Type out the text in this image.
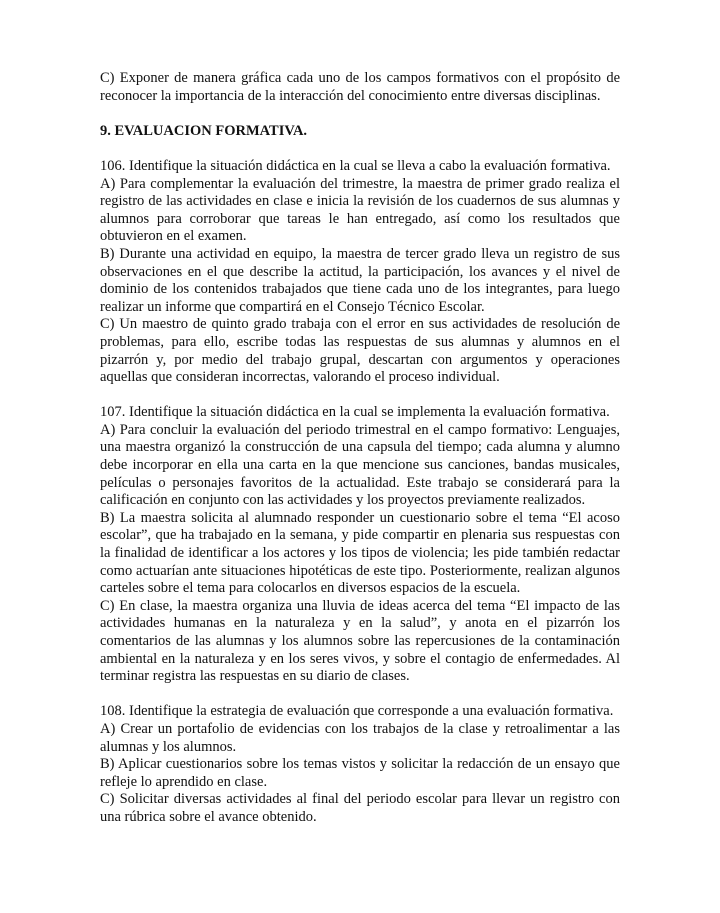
C) Exponer de manera gráfica cada uno de los campos formativos con el propósito de reconocer la importancia de la interacción del conocimiento entre diversas disciplinas.

9. EVALUACION FORMATIVA.

106. Identifique la situación didáctica en la cual se lleva a cabo la evaluación formativa.

A) Para complementar la evaluación del trimestre, la maestra de primer grado realiza el registro de las actividades en clase e inicia la revisión de los cuadernos de sus alumnas y alumnos para corroborar que tareas le han entregado, así como los resultados que obtuvieron en el examen.

B) Durante una actividad en equipo, la maestra de tercer grado lleva un registro de sus observaciones en el que describe la actitud, la participación, los avances y el nivel de dominio de los contenidos trabajados que tiene cada uno de los integrantes, para luego realizar un informe que compartirá en el Consejo Técnico Escolar.

C) Un maestro de quinto grado trabaja con el error en sus actividades de resolución de problemas, para ello, escribe todas las respuestas de sus alumnas y alumnos en el pizarrón y, por medio del trabajo grupal, descartan con argumentos y operaciones aquellas que consideran incorrectas, valorando el proceso individual.

107. Identifique la situación didáctica en la cual se implementa la evaluación formativa.

A) Para concluir la evaluación del periodo trimestral en el campo formativo: Lenguajes, una maestra organizó la construcción de una capsula del tiempo; cada alumna y alumno debe incorporar en ella una carta en la que mencione sus canciones, bandas musicales, películas o personajes favoritos de la actualidad. Este trabajo se considerará para la calificación en conjunto con las actividades y los proyectos previamente realizados.

B) La maestra solicita al alumnado responder un cuestionario sobre el tema “El acoso escolar”, que ha trabajado en la semana, y pide compartir en plenaria sus respuestas con la finalidad de identificar a los actores y los tipos de violencia; les pide también redactar como actuarían ante situaciones hipotéticas de este tipo. Posteriormente, realizan algunos carteles sobre el tema para colocarlos en diversos espacios de la escuela.

C) En clase, la maestra organiza una lluvia de ideas acerca del tema “El impacto de las actividades humanas en la naturaleza y en la salud”, y anota en el pizarrón los comentarios de las alumnas y los alumnos sobre las repercusiones de la contaminación ambiental en la naturaleza y en los seres vivos, y sobre el contagio de enfermedades. Al terminar registra las respuestas en su diario de clases.

108. Identifique la estrategia de evaluación que corresponde a una evaluación formativa.

A) Crear un portafolio de evidencias con los trabajos de la clase y retroalimentar a las alumnas y los alumnos.

B) Aplicar cuestionarios sobre los temas vistos y solicitar la redacción de un ensayo que refleje lo aprendido en clase.

C) Solicitar diversas actividades al final del periodo escolar para llevar un registro con una rúbrica sobre el avance obtenido.
